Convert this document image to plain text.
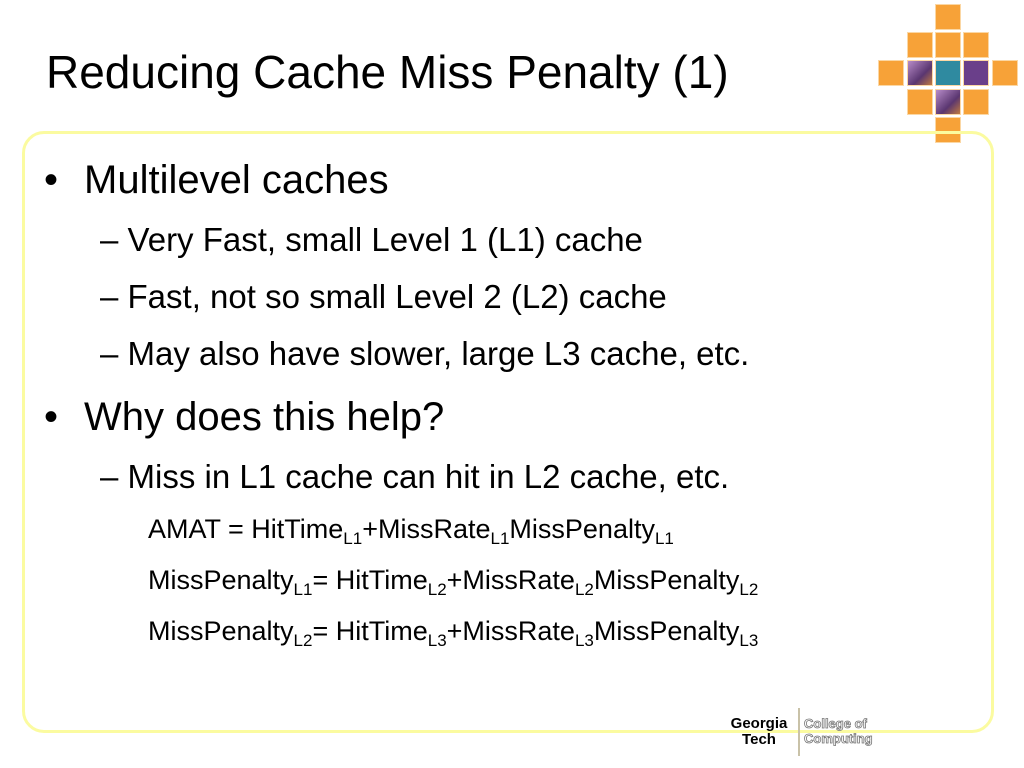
Reducing Cache Miss Penalty (1)
• Multilevel caches
– Very Fast, small Level 1 (L1) cache
– Fast, not so small Level 2 (L2) cache
– May also have slower, large L3 cache, etc.
• Why does this help?
– Miss in L1 cache can hit in L2 cache, etc.
AMAT = HitTime$_{L1}$+MissRate$_{L1}$MissPenalty$_{L1}$
MissPenalty$_{L1}$= HitTime$_{L2}$+MissRate$_{L2}$MissPenalty$_{L2}$
MissPenalty$_{L2}$= HitTime$_{L3}$+MissRate$_{L3}$MissPenalty$_{L3}$
Georgia
Tech
College of
Computing
